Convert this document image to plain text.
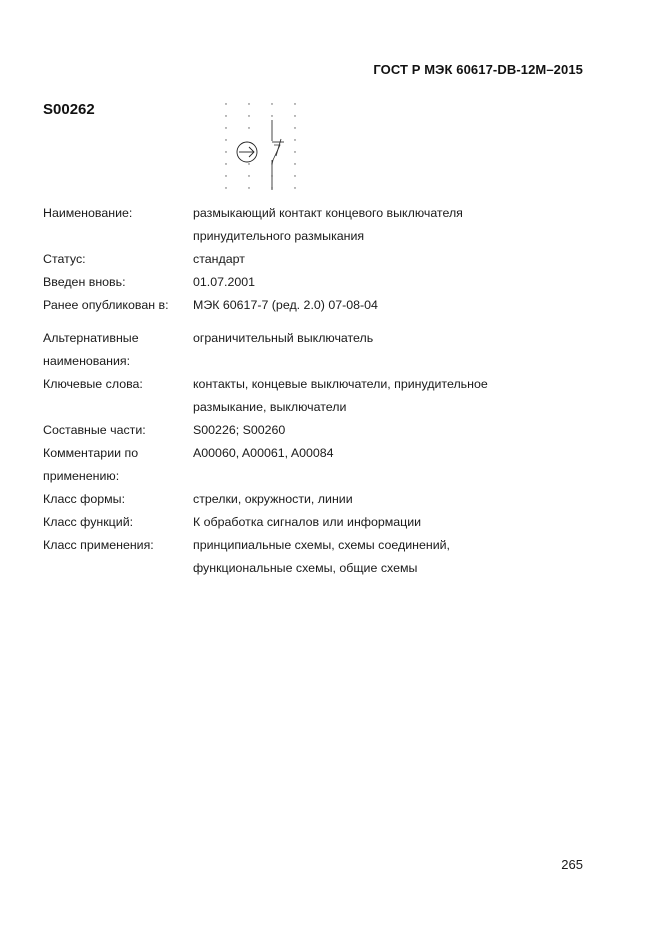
ГОСТ Р МЭК 60617-DB-12M–2015
S00262
Наименование:	размыкающий контакт концевого выключателя
принудительного размыкания
Статус:	стандарт
Введен вновь:	01.07.2001
Ранее опубликован в:	МЭК 60617-7 (ред. 2.0) 07-08-04
Альтернативные наименования:
ограничительный выключатель
Ключевые слова:	контакты, концевые выключатели, принудительное
размыкание, выключатели
Составные части:	S00226; S00260
Комментарии по применению:
A00060, A00061, A00084
Класс формы:	стрелки, окружности, линии
Класс функций:	К обработка сигналов или информации
Класс применения:	принципиальные схемы, схемы соединений,
функциональные схемы, общие схемы
265
